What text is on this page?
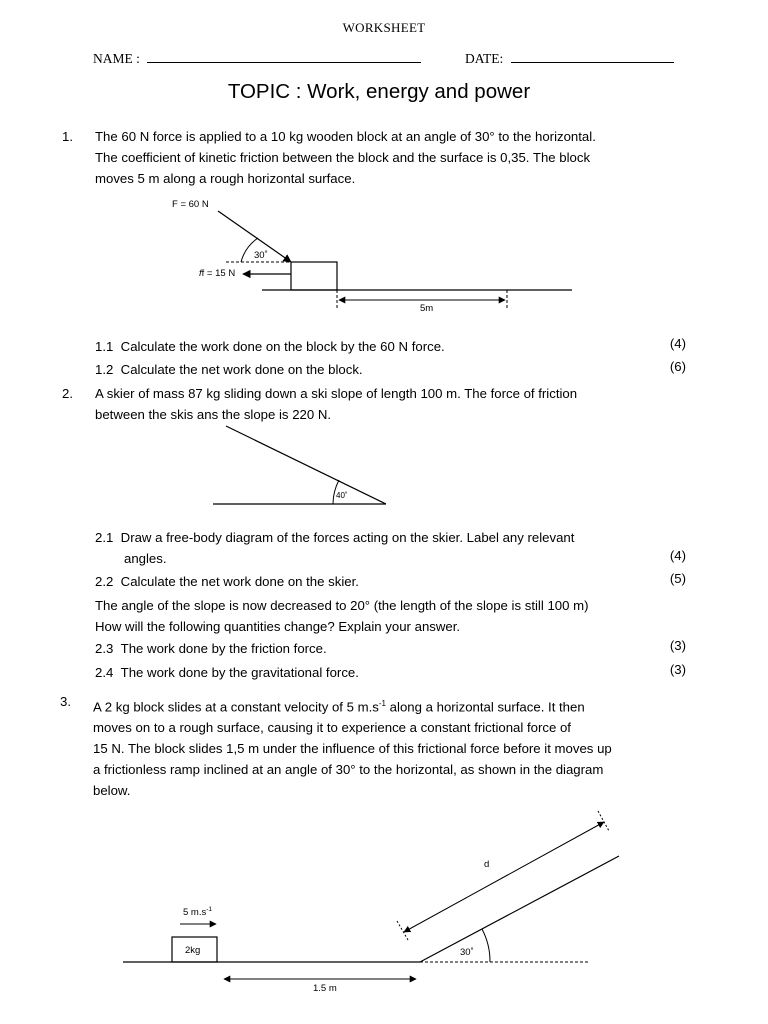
WORKSHEET
NAME :	DATE:
TOPIC : Work, energy and power
1. The 60 N force is applied to a 10 kg wooden block at an angle of 30° to the horizontal.
The coefficient of kinetic friction between the block and the surface is 0,35. The block
moves 5 m along a rough horizontal surface.
F = 60 N
30˚
ff = 15 N
5m
1.1 Calculate the work done on the block by the 60 N force.	(4)
1.2 Calculate the net work done on the block.	(6)
2. A skier of mass 87 kg sliding down a ski slope of length 100 m. The force of friction
between the skis ans the slope is 220 N.
40˚
2.1 Draw a free-body diagram of the forces acting on the skier. Label any relevant
angles.	(4)
2.2 Calculate the net work done on the skier.	(5)
The angle of the slope is now decreased to 20° (the length of the slope is still 100 m)
How will the following quantities change? Explain your answer.
2.3 The work done by the friction force.	(3)
2.4 The work done by the gravitational force.	(3)
3. A 2 kg block slides at a constant velocity of 5 $m.s^{-1}$ along a horizontal surface. It then
moves on to a rough surface, causing it to experience a constant frictional force of
15 N. The block slides 1,5 m under the influence of this frictional force before it moves up
a frictionless ramp inclined at an angle of 30° to the horizontal, as shown in the diagram
below.
5 $m.s^{-1}$
2kg
1.5 m
30˚
d
